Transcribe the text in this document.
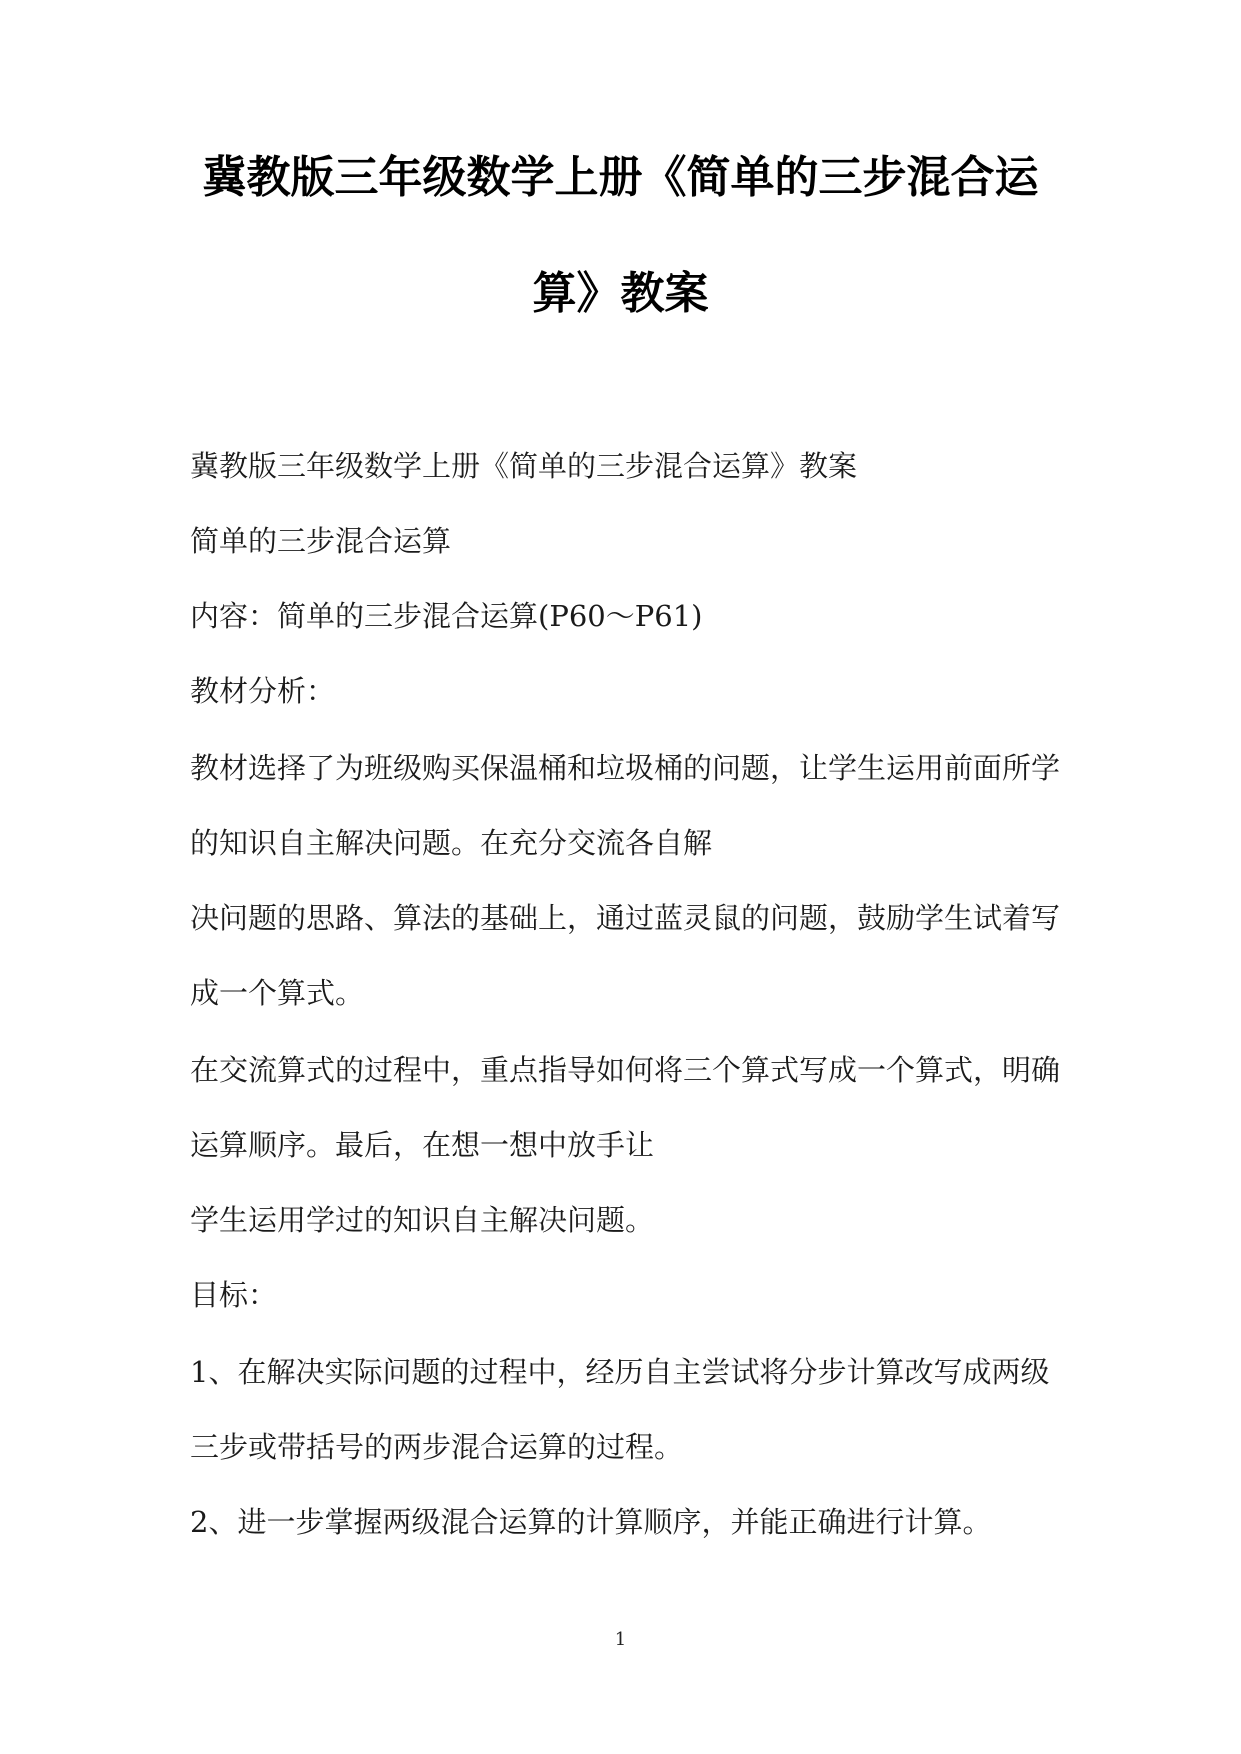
冀教版三年级数学上册《简单的三步混合运
算》教案
冀教版三年级数学上册《简单的三步混合运算》教案
简单的三步混合运算
内容：简单的三步混合运算(P60～P61)
教材分析：
教材选择了为班级购买保温桶和垃圾桶的问题，让学生运用前面所学
的知识自主解决问题。在充分交流各自解
决问题的思路、算法的基础上，通过蓝灵鼠的问题，鼓励学生试着写
成一个算式。
在交流算式的过程中，重点指导如何将三个算式写成一个算式，明确
运算顺序。最后，在想一想中放手让
学生运用学过的知识自主解决问题。
目标：
1、在解决实际问题的过程中，经历自主尝试将分步计算改写成两级
三步或带括号的两步混合运算的过程。
2、进一步掌握两级混合运算的计算顺序，并能正确进行计算。
1
